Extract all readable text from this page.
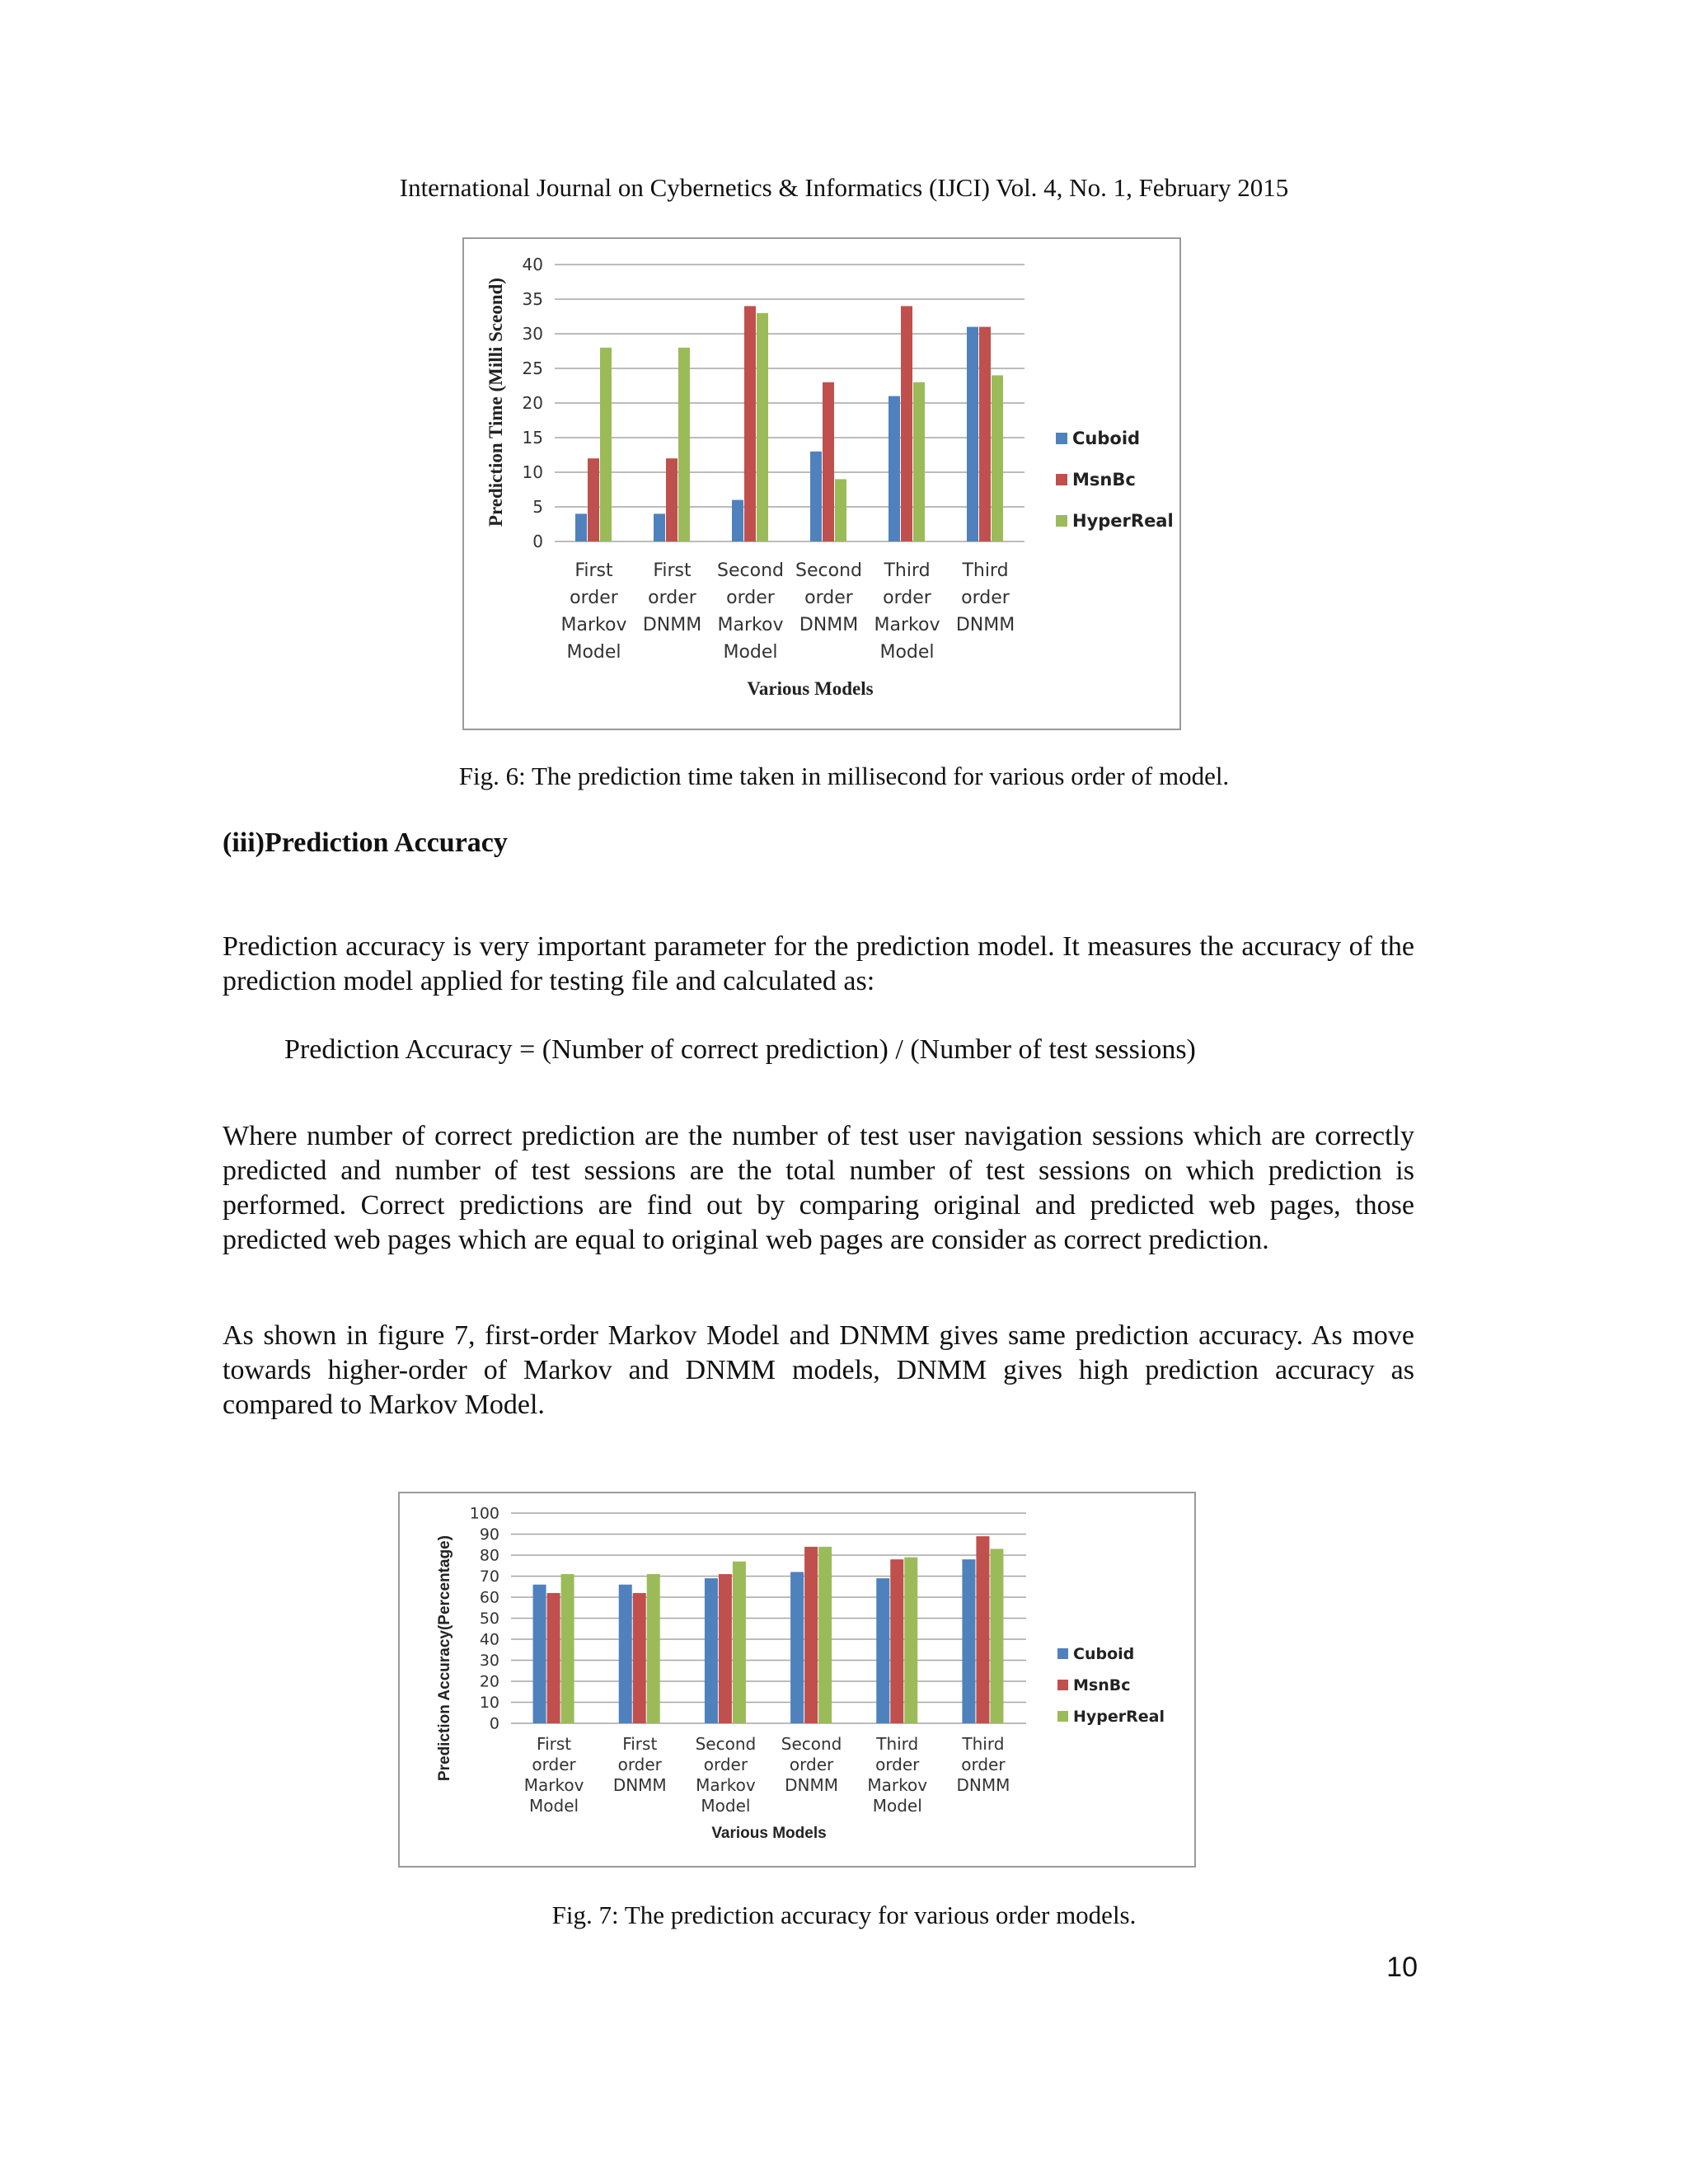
International Journal on Cybernetics & Informatics (IJCI) Vol. 4, No. 1, February 2015
0
5
10
15
20
25
30
35
40
First order Markov Model
First order DNMM
Second order Markov Model
Second order DNMM
Third order Markov Model
Third order DNMM
Various Models
Prediction Time (Milli Sceond)	Cuboid
MsnBc
HyperReal
Fig. 6: The prediction time taken in millisecond for various order of model.
(iii)Prediction Accuracy
Prediction accuracy is very important parameter for the prediction model. It measures the accuracy of the prediction model applied for testing file and calculated as:
Prediction Accuracy = (Number of correct prediction) / (Number of test sessions)
Where number of correct prediction are the number of test user navigation sessions which are correctly predicted and number of test sessions are the total number of test sessions on which prediction is performed. Correct predictions are find out by comparing original and predicted web pages, those predicted web pages which are equal to original web pages are consider as correct prediction.
As shown in figure 7, first-order Markov Model and DNMM gives same prediction accuracy. As move towards higher-order of Markov and DNMM models, DNMM gives high prediction accuracy as compared to Markov Model.
0
10
20
30
40
50
60
70
80
90
100
First order Markov Model
First order DNMM
Second order Markov Model
Second order DNMM
Third order Markov Model
Third order DNMM
Various Models
Prediction Accuracy(Percentage)	Cuboid
MsnBc
HyperReal
Fig. 7: The prediction accuracy for various order models.
10
